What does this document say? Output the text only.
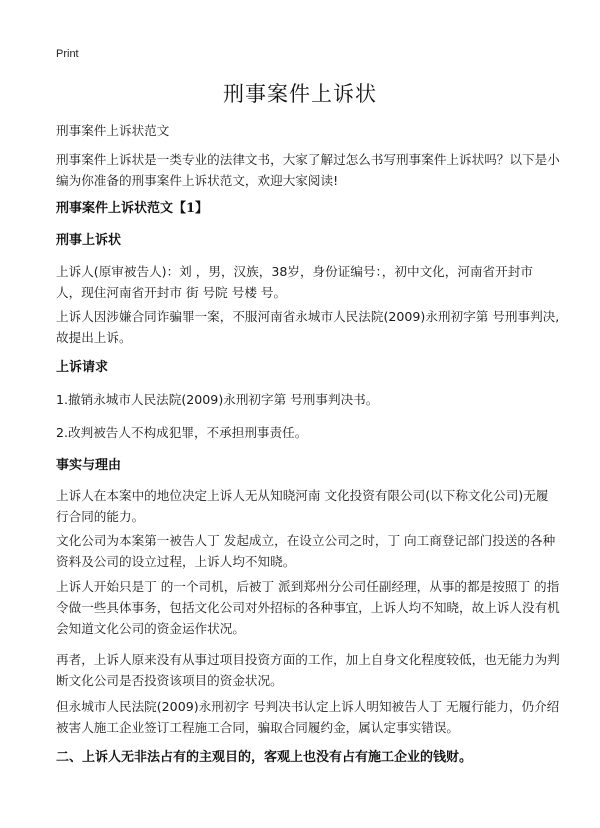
Print
刑事案件上诉状

刑事案件上诉状范文

刑事案件上诉状是一类专业的法律文书，大家了解过怎么书写刑事案件上诉状吗？以下是小编为你准备的刑事案件上诉状范文，欢迎大家阅读!

刑事案件上诉状范文【1】

刑事上诉状

上诉人(原审被告人)：刘 ，男，汉族，38岁，身份证编号：，初中文化，河南省开封市 人，现住河南省开封市 街 号院 号楼 号。

上诉人因涉嫌合同诈骗罪一案，不服河南省永城市人民法院(2009)永刑初字第 号刑事判决,故提出上诉。

上诉请求

1.撤销永城市人民法院(2009)永刑初字第 号刑事判决书。

2.改判被告人不构成犯罪，不承担刑事责任。

事实与理由

上诉人在本案中的地位决定上诉人无从知晓河南 文化投资有限公司(以下称文化公司)无履行合同的能力。

文化公司为本案第一被告人丁 发起成立，在设立公司之时，丁 向工商登记部门投送的各种资料及公司的设立过程，上诉人均不知晓。

上诉人开始只是丁 的一个司机，后被丁 派到郑州分公司任副经理，从事的都是按照丁 的指令做一些具体事务，包括文化公司对外招标的各种事宜，上诉人均不知晓，故上诉人没有机会知道文化公司的资金运作状况。

再者，上诉人原来没有从事过项目投资方面的工作，加上自身文化程度较低，也无能力为判断文化公司是否投资该项目的资金状况。

但永城市人民法院(2009)永刑初字 号判决书认定上诉人明知被告人丁 无履行能力，仍介绍被害人施工企业签订工程施工合同，骗取合同履约金，属认定事实错误。

二、上诉人无非法占有的主观目的，客观上也没有占有施工企业的钱财。
